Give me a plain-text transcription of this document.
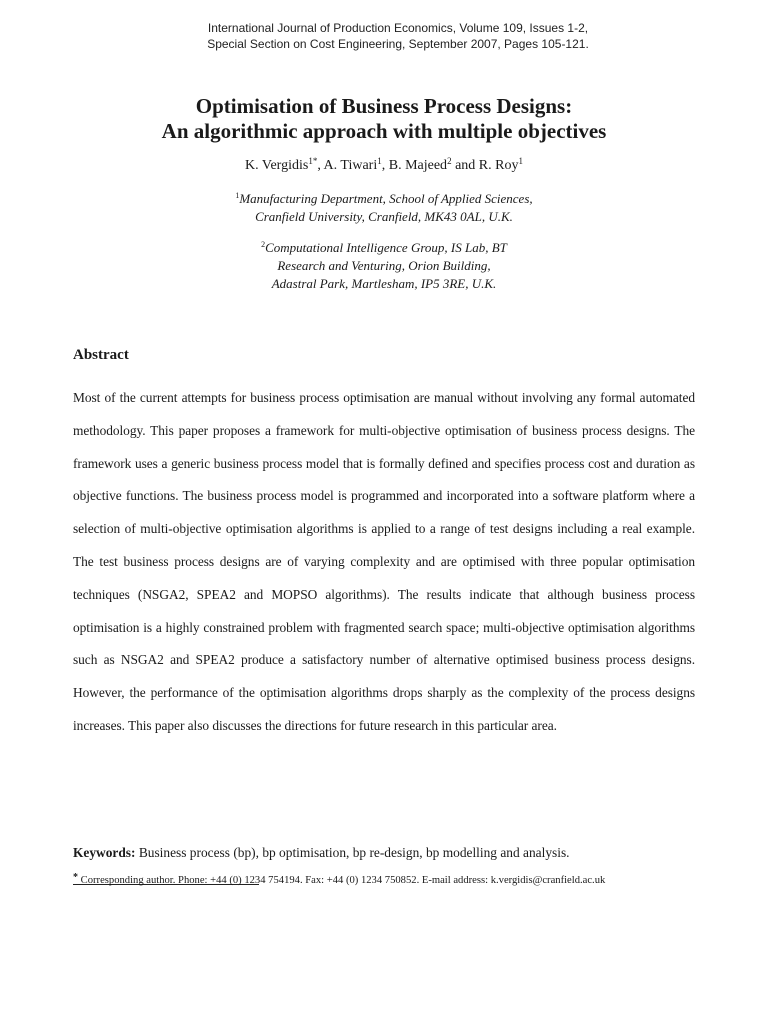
International Journal of Production Economics, Volume 109, Issues 1-2,
Special Section on Cost Engineering, September 2007, Pages 105-121.
Optimisation of Business Process Designs:
An algorithmic approach with multiple objectives
K. Vergidis$^{1*}$, A. Tiwari$^1$, B. Majeed$^2$ and R. Roy$^1$
$^1$Manufacturing Department, School of Applied Sciences,
Cranfield University, Cranfield, MK43 0AL, U.K.
$^2$Computational Intelligence Group, IS Lab, BT
Research and Venturing, Orion Building,
Adastral Park, Martlesham, IP5 3RE, U.K.
Abstract
Most of the current attempts for business process optimisation are manual without involving any formal automated methodology. This paper proposes a framework for multi-objective optimisation of business process designs. The framework uses a generic business process model that is formally defined and specifies process cost and duration as objective functions. The business process model is programmed and incorporated into a software platform where a selection of multi-objective optimisation algorithms is applied to a range of test designs including a real example. The test business process designs are of varying complexity and are optimised with three popular optimisation techniques (NSGA2, SPEA2 and MOPSO algorithms). The results indicate that although business process optimisation is a highly constrained problem with fragmented search space; multi-objective optimisation algorithms such as NSGA2 and SPEA2 produce a satisfactory number of alternative optimised business process designs. However, the performance of the optimisation algorithms drops sharply as the complexity of the process designs increases. This paper also discusses the directions for future research in this particular area.
Keywords: Business process (bp), bp optimisation, bp re-design, bp modelling and analysis.
* Corresponding author. Phone: +44 (0) 1234 754194. Fax: +44 (0) 1234 750852. E-mail address: k.vergidis@cranfield.ac.uk
